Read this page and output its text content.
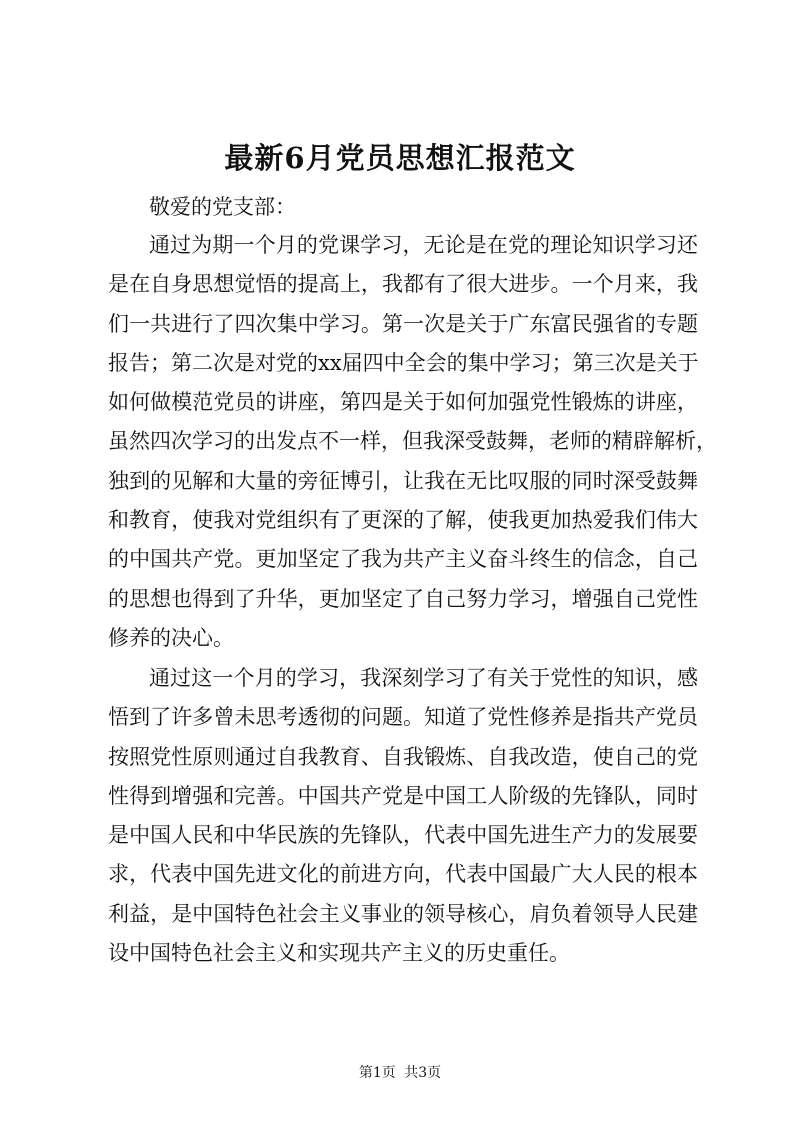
最新6月党员思想汇报范文

敬爱的党支部：

通过为期一个月的党课学习，无论是在党的理论知识学习还
是在自身思想觉悟的提高上，我都有了很大进步。一个月来，我
们一共进行了四次集中学习。第一次是关于广东富民强省的专题
报告；第二次是对党的xx届四中全会的集中学习；第三次是关于
如何做模范党员的讲座，第四是关于如何加强党性锻炼的讲座，
虽然四次学习的出发点不一样，但我深受鼓舞，老师的精辟解析，
独到的见解和大量的旁征博引，让我在无比叹服的同时深受鼓舞
和教育，使我对党组织有了更深的了解，使我更加热爱我们伟大
的中国共产党。更加坚定了我为共产主义奋斗终生的信念，自己
的思想也得到了升华，更加坚定了自己努力学习，增强自己党性
修养的决心。
通过这一个月的学习，我深刻学习了有关于党性的知识，感
悟到了许多曾未思考透彻的问题。知道了党性修养是指共产党员
按照党性原则通过自我教育、自我锻炼、自我改造，使自己的党
性得到增强和完善。中国共产党是中国工人阶级的先锋队，同时
是中国人民和中华民族的先锋队，代表中国先进生产力的发展要
求，代表中国先进文化的前进方向，代表中国最广大人民的根本
利益，是中国特色社会主义事业的领导核心，肩负着领导人民建
设中国特色社会主义和实现共产主义的历史重任。
第1页 共3页
